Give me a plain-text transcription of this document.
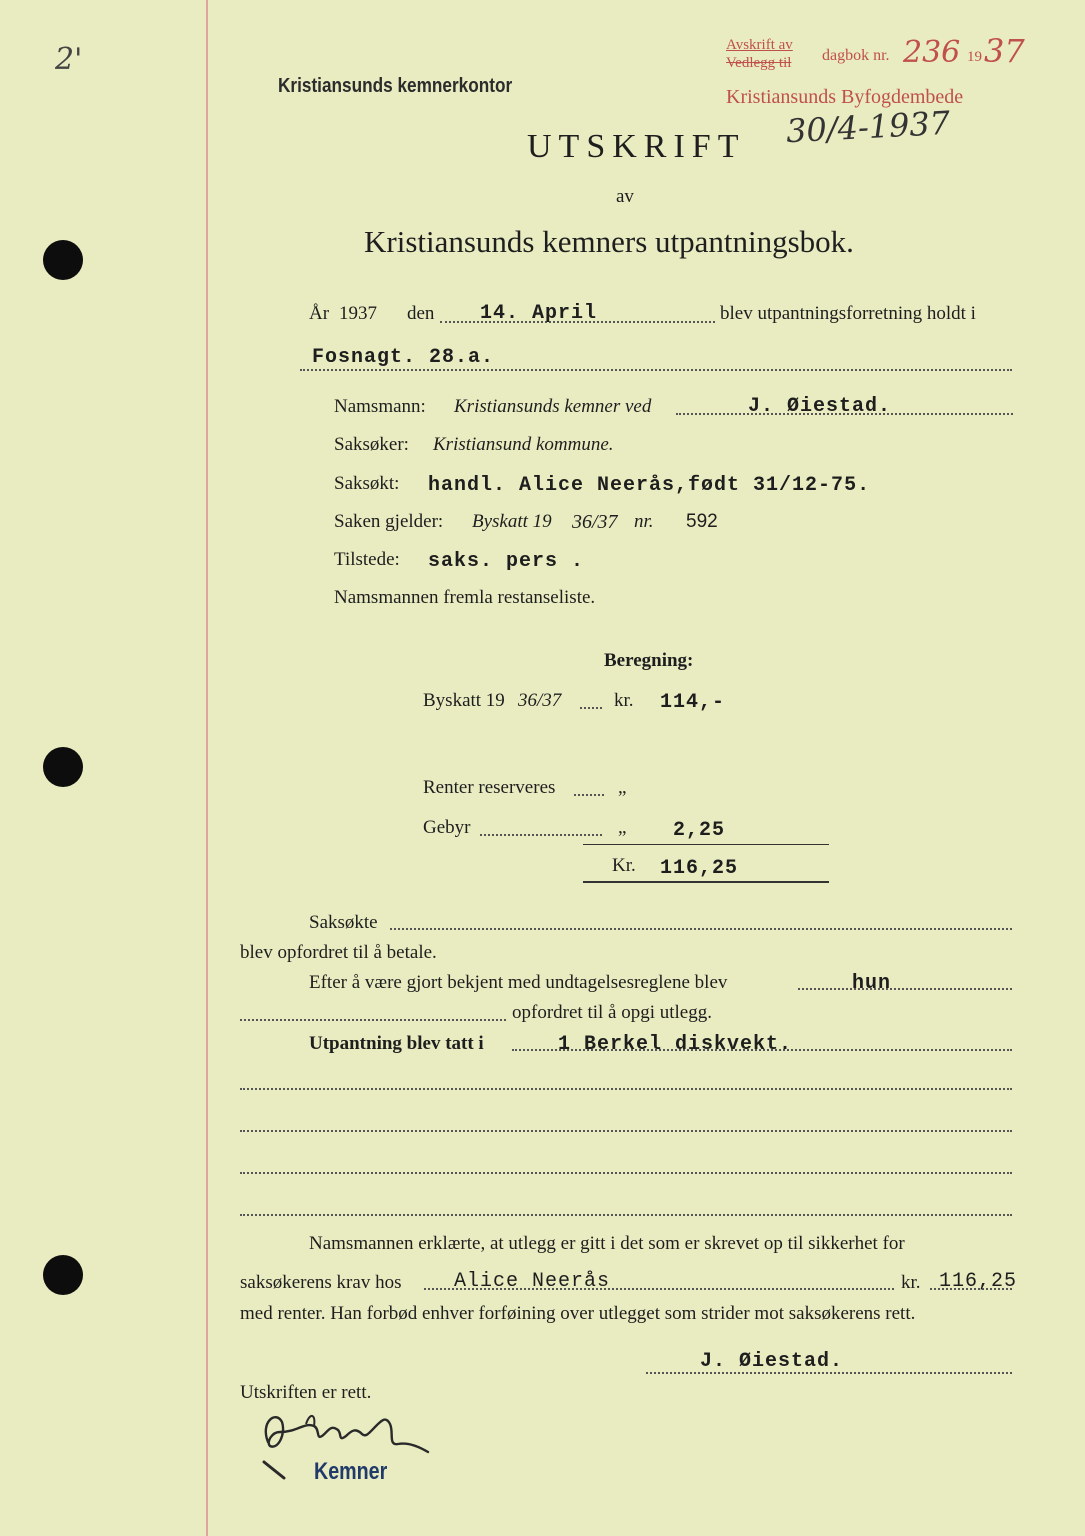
2'
Kristiansunds kemnerkontor
Avskrift av
Vedlegg til dagbok nr. 236 19 37
Kristiansunds Byfogdembede
30/4-1937
UTSKRIFT
av
Kristiansunds kemners utpantningsbok.
År 1937 den 14. April	blev utpantningsforretning holdt i
Fosnagt. 28.a.
Namsmann: Kristiansunds kemner ved	J. Øiestad.
Saksøker: Kristiansund kommune.
Saksøkt: handl. Alice Neerås,født 31/12-75.
Saken gjelder: Byskatt 19 36/37 nr. 592
Tilstede: saks. pers .
Namsmannen fremla restanseliste.
Beregning:
Byskatt 19 36/37	kr. 114,-
Renter reserveres	„
Gebyr	„ 2,25
Kr. 116,25
Saksøkte
blev opfordret til å betale.
Efter å være gjort bekjent med undtagelsesreglene blev	hun
opfordret til å opgi utlegg.
Utpantning blev tatt i	1 Berkel diskvekt.
Namsmannen erklærte, at utlegg er gitt i det som er skrevet op til sikkerhet for
saksøkerens krav hos	Alice Neerås	kr. 116,25
med renter. Han forbød enhver forføining over utlegget som strider mot saksøkerens rett.
J. Øiestad.
Utskriften er rett.
Kemner
